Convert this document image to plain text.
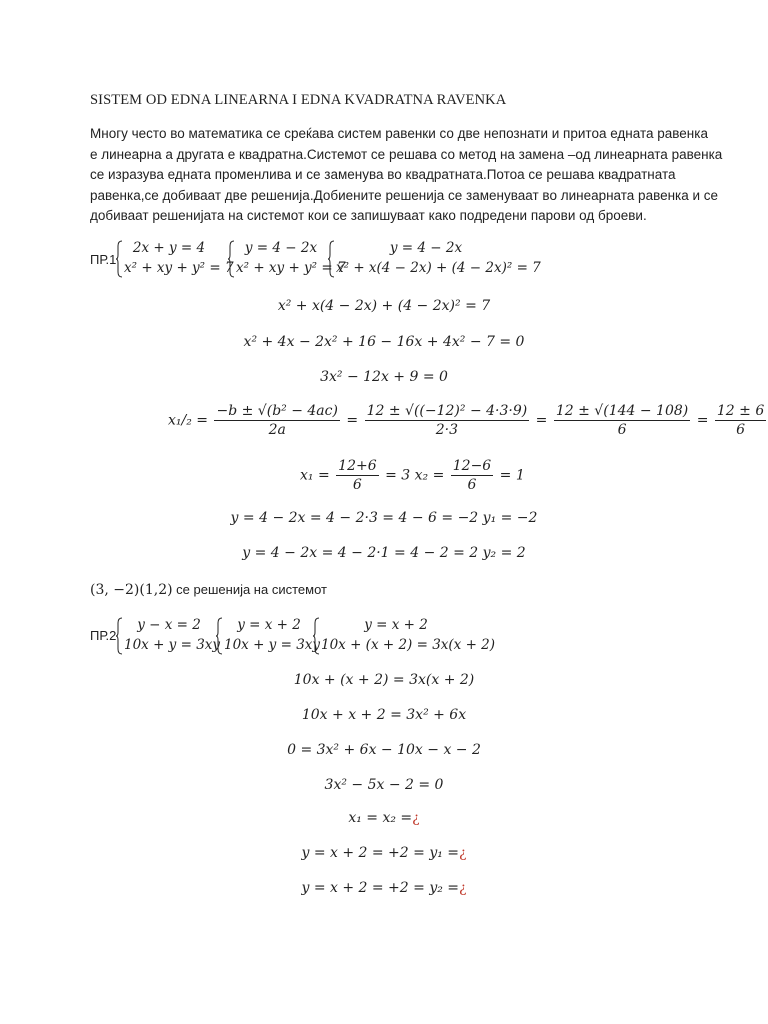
SISTEM OD EDNA LINEARNA I EDNA KVADRATNA RAVENKA
Многу често во математика се среќава систем равенки со две непознати и притоа едната равенка
е линеарна а другата е квадратна.Системот се решава со метод на замена –од линеарната равенка
се изразува едната променлива и се заменува во квадратната.Потоа се решава квадратната
равенка,се добиваат две решенија.Добиените решенија се заменуваат во линеарната равенка и се
добиваат решенијата на системот кои се запишуваат како подредени парови од броеви.
ПР.1
2x + y = 4
x² + xy + y² = 7
y = 4 − 2x
x² + xy + y² = 7
y = 4 − 2x
x² + x(4 − 2x) + (4 − 2x)² = 7
x² + x(4 − 2x) + (4 − 2x)² = 7
x² + 4x − 2x² + 16 − 16x + 4x² − 7 = 0
3x² − 12x + 9 = 0
$x_1/_2 = \frac{\text{−b ± √(b² − 4ac)}}{2a} = \frac{\text{12 ± √((−12)² − 4·3·9)}}{2\cdot 3} = \frac{12 \pm √(144 - 108)}{6} = \frac{12 \pm 6}{6}$
$x_1 = \frac{12+6}{6} = 3$ $x_2 = \frac{12-6}{6} = 1$
y = 4 − 2x = 4 − 2·3 = 4 − 6 = −2 y₁ = −2
y = 4 − 2x = 4 − 2·1 = 4 − 2 = 2 y₂ = 2
(3, −2)(1,2) се решенија на системот
ПР.2
y − x = 2
10x + y = 3xy
y = x + 2
10x + y = 3xy
y = x + 2
10x + (x + 2) = 3x(x + 2)
10x + (x + 2) = 3x(x + 2)
10x + x + 2 = 3x² + 6x
0 = 3x² + 6x − 10x − x − 2
3x² − 5x − 2 = 0
x₁ = x₂ =¿
y = x + 2 = +2 = y₁ =¿
y = x + 2 = +2 = y₂ =¿
